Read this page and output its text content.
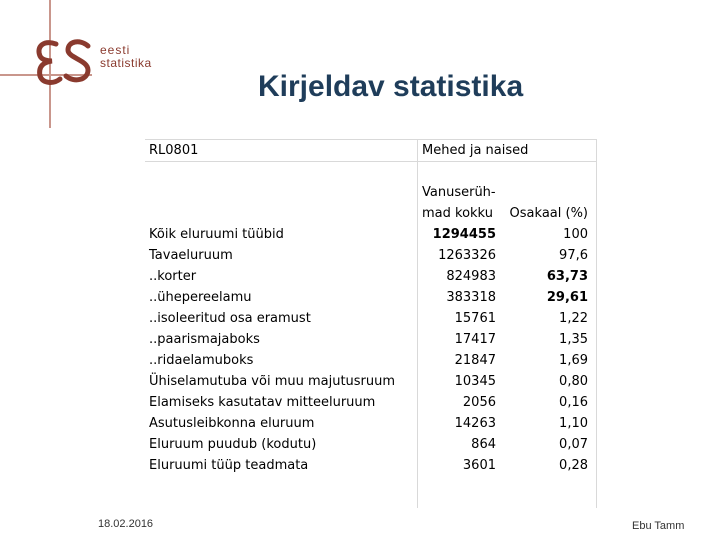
eesti
statistika
Kirjeldav statistika
RL0801	Mehed ja naised	

	Vanuserüh-	
	mad kokku	Osakaal (%)
Kõik eluruumi tüübid	1294455	100
Tavaeluruum	1263326	97,6
..korter	824983	63,73
..ühepereelamu	383318	29,61
..isoleeritud osa eramust	15761	1,22
..paarismajaboks	17417	1,35
..ridaelamuboks	21847	1,69
Ühiselamutuba või muu majutusruum	10345	0,80
Elamiseks kasutatav mitteeluruum	2056	0,16
Asutusleibkonna eluruum	14263	1,10
Eluruum puudub (kodutu)	864	0,07
Eluruumi tüüp teadmata	3601	0,28

18.02.2016	Ebu Tamm
